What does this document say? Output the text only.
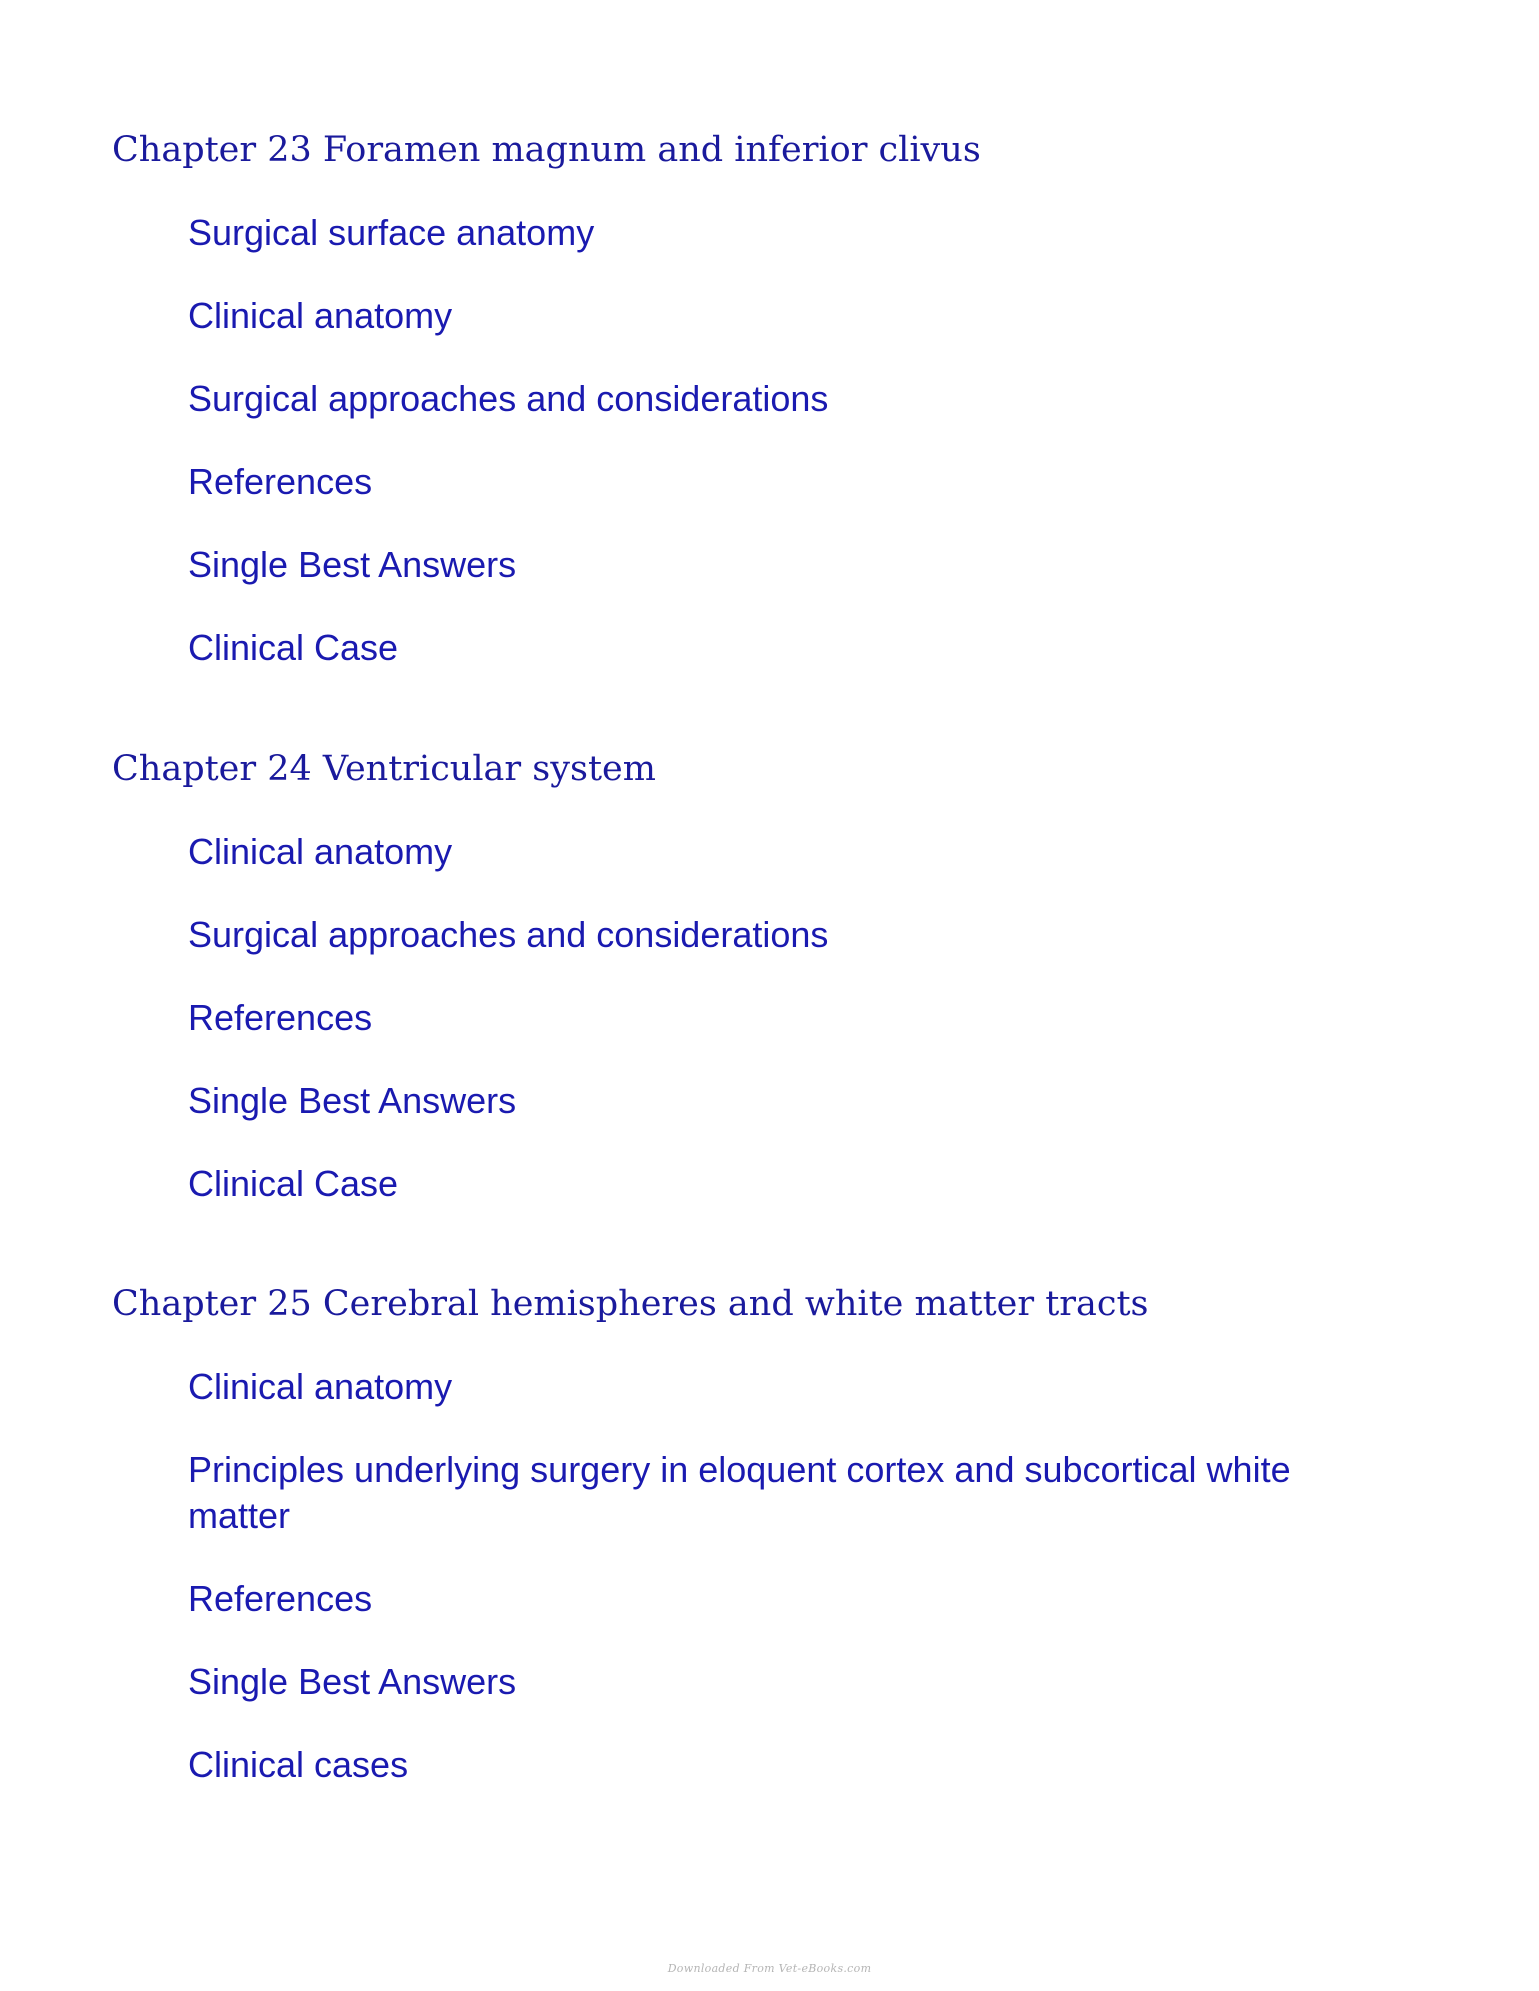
Chapter 23 Foramen magnum and inferior clivus
Surgical surface anatomy
Clinical anatomy
Surgical approaches and considerations
References
Single Best Answers
Clinical Case
Chapter 24 Ventricular system
Clinical anatomy
Surgical approaches and considerations
References
Single Best Answers
Clinical Case
Chapter 25 Cerebral hemispheres and white matter tracts
Clinical anatomy
Principles underlying surgery in eloquent cortex and subcortical white matter
References
Single Best Answers
Clinical cases
Downloaded From Vet-eBooks.com
